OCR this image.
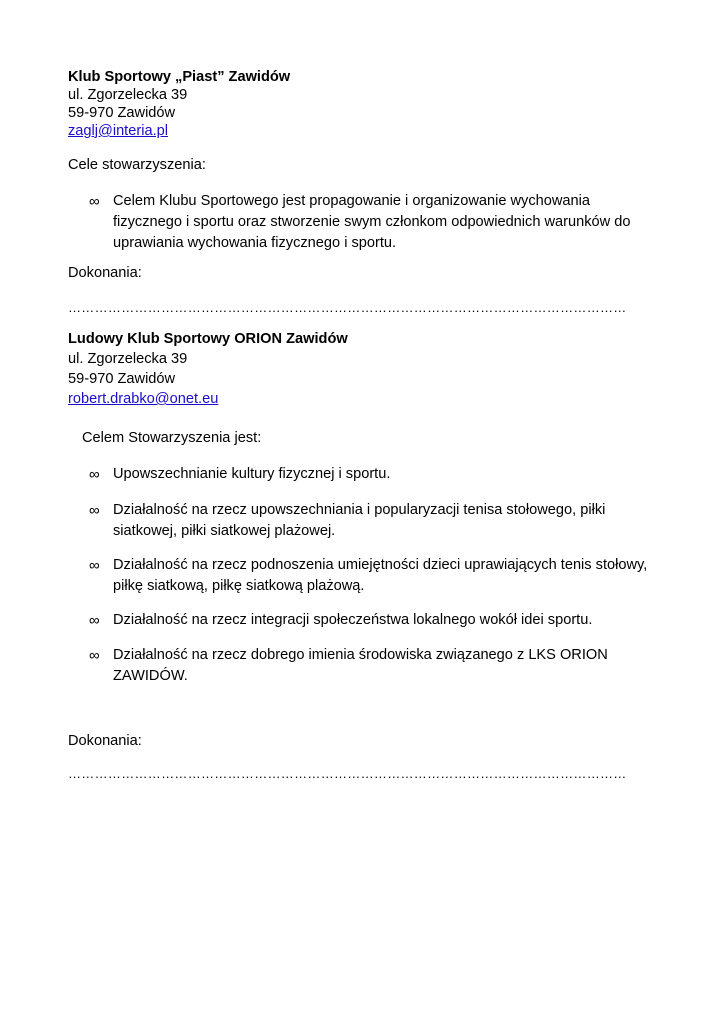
Klub Sportowy „Piast” Zawidów
ul. Zgorzelecka 39
59-970 Zawidów
zaglj@interia.pl
Cele stowarzyszenia:
∞ Celem Klubu Sportowego jest propagowanie i organizowanie wychowania
fizycznego i sportu oraz stworzenie swym członkom odpowiednich warunków do
uprawiania wychowania fizycznego i sportu.
Dokonania:
………………………………………………………………………………………………………………
Ludowy Klub Sportowy ORION Zawidów
ul. Zgorzelecka 39
59-970 Zawidów
robert.drabko@onet.eu
Celem Stowarzyszenia jest:
∞ Upowszechnianie kultury fizycznej i sportu.
∞ Działalność na rzecz upowszechniania i popularyzacji tenisa stołowego, piłki
siatkowej, piłki siatkowej plażowej.
∞ Działalność na rzecz podnoszenia umiejętności dzieci uprawiających tenis stołowy,
piłkę siatkową, piłkę siatkową plażową.
∞ Działalność na rzecz integracji społeczeństwa lokalnego wokół idei sportu.
∞ Działalność na rzecz dobrego imienia środowiska związanego z LKS ORION
ZAWIDÓW.
Dokonania:
………………………………………………………………………………………………………………
